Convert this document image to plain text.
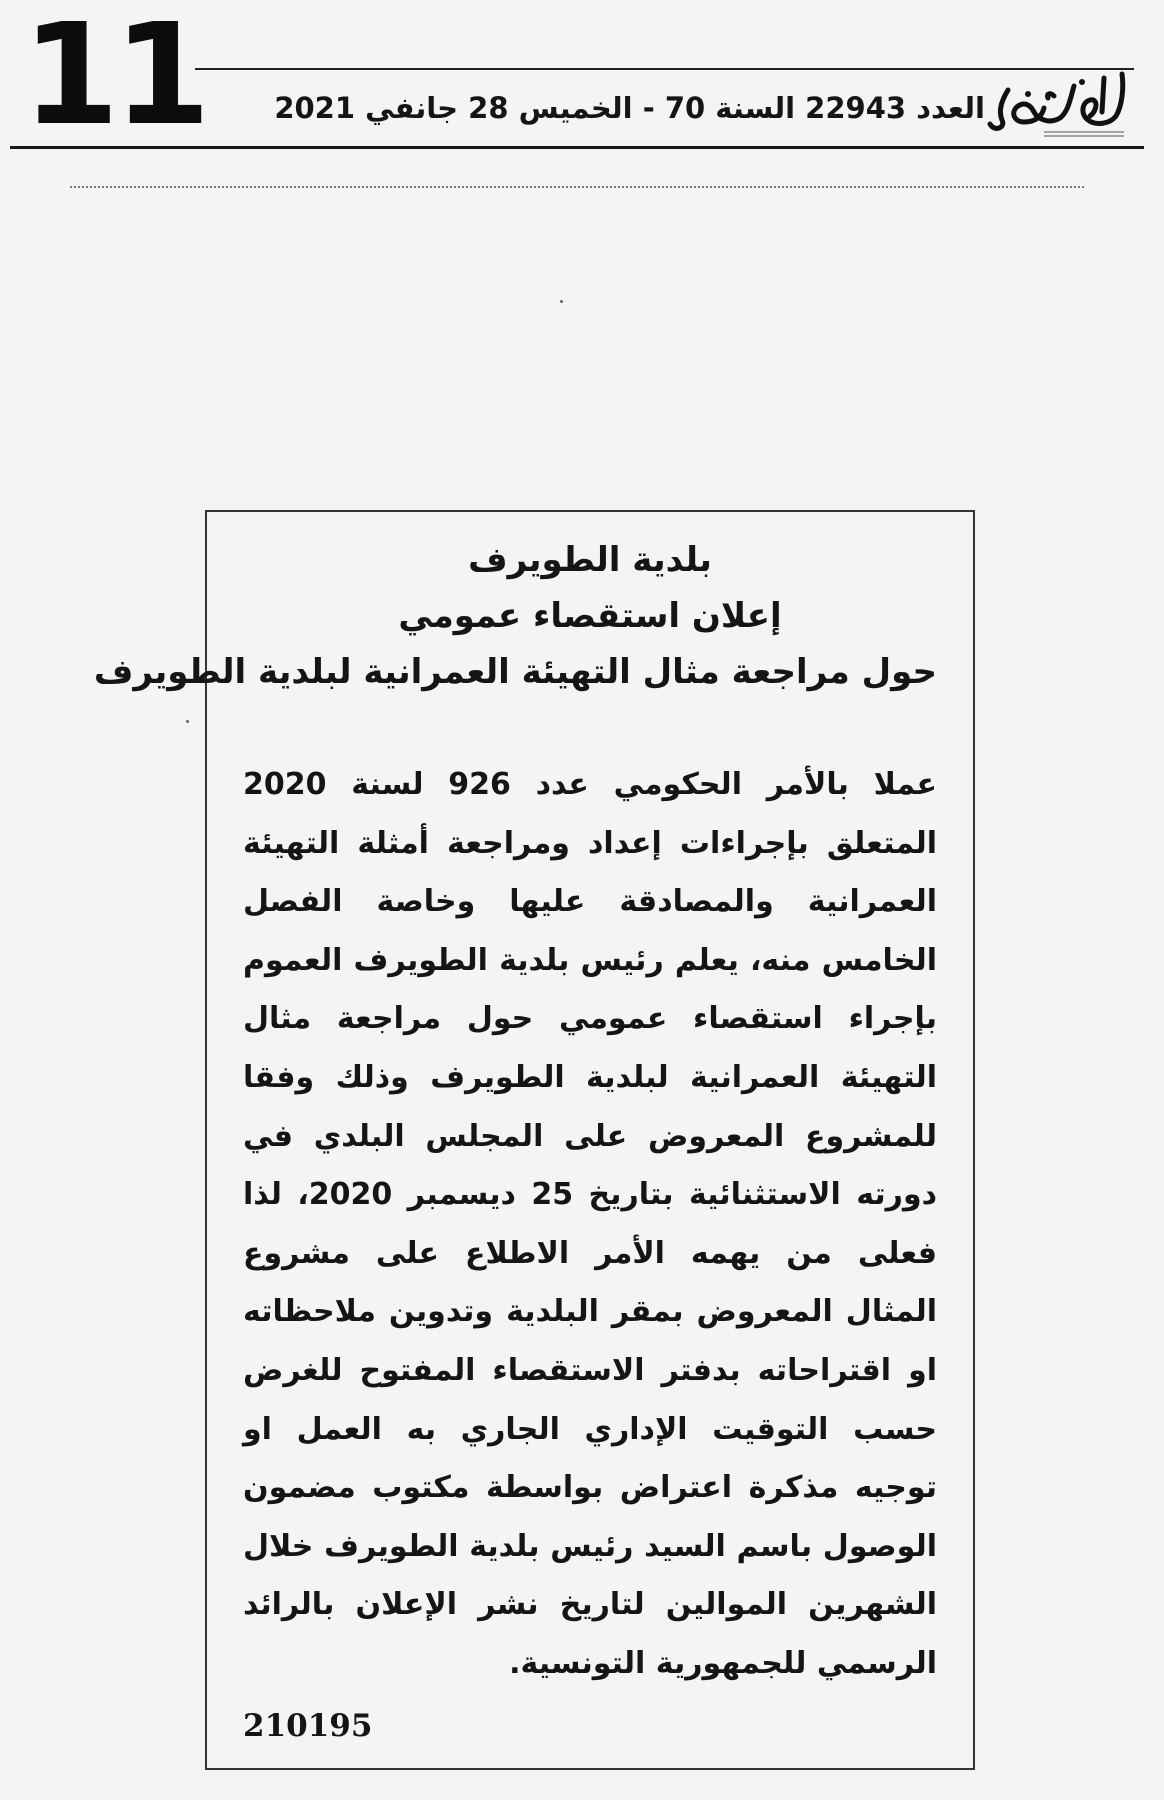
11	العدد 22943 السنة 70 - الخميس 28 جانفي 2021
بلدية الطويرف
إعلان استقصاء عمومي
حول مراجعة مثال التهيئة العمرانية لبلدية الطويرف
عملا بالأمر الحكومي عدد 926 لسنة 2020 المتعلق بإجراءات إعداد ومراجعة أمثلة التهيئة العمرانية والمصادقة عليها وخاصة الفصل الخامس منه، يعلم رئيس بلدية الطويرف العموم بإجراء استقصاء عمومي حول مراجعة مثال التهيئة العمرانية لبلدية الطويرف وذلك وفقا للمشروع المعروض على المجلس البلدي في دورته الاستثنائية بتاريخ 25 ديسمبر 2020، لذا فعلى من يهمه الأمر الاطلاع على مشروع المثال المعروض بمقر البلدية وتدوين ملاحظاته او اقتراحاته بدفتر الاستقصاء المفتوح للغرض حسب التوقيت الإداري الجاري به العمل او توجيه مذكرة اعتراض بواسطة مكتوب مضمون الوصول باسم السيد رئيس بلدية الطويرف خلال الشهرين الموالين لتاريخ نشر الإعلان بالرائد الرسمي للجمهورية التونسية.
210195
